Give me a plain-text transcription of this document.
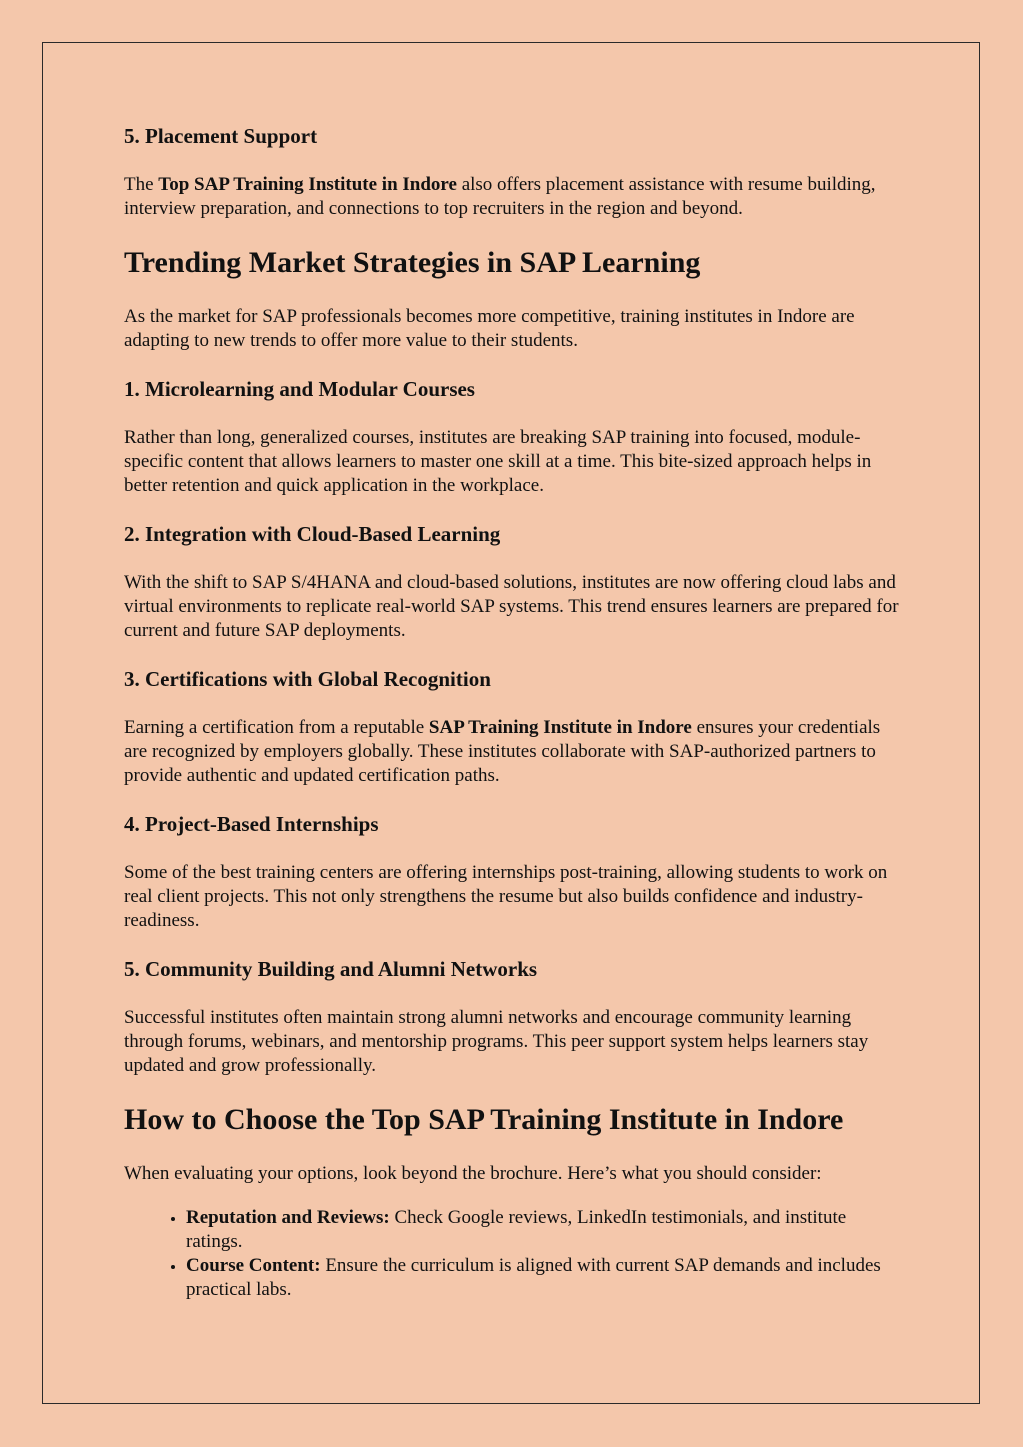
5. Placement Support

The Top SAP Training Institute in Indore also offers placement assistance with resume building, interview preparation, and connections to top recruiters in the region and beyond.

Trending Market Strategies in SAP Learning

As the market for SAP professionals becomes more competitive, training institutes in Indore are adapting to new trends to offer more value to their students.

1. Microlearning and Modular Courses

Rather than long, generalized courses, institutes are breaking SAP training into focused, module-specific content that allows learners to master one skill at a time. This bite-sized approach helps in better retention and quick application in the workplace.

2. Integration with Cloud-Based Learning

With the shift to SAP S/4HANA and cloud-based solutions, institutes are now offering cloud labs and virtual environments to replicate real-world SAP systems. This trend ensures learners are prepared for current and future SAP deployments.

3. Certifications with Global Recognition

Earning a certification from a reputable SAP Training Institute in Indore ensures your credentials are recognized by employers globally. These institutes collaborate with SAP-authorized partners to provide authentic and updated certification paths.

4. Project-Based Internships

Some of the best training centers are offering internships post-training, allowing students to work on real client projects. This not only strengthens the resume but also builds confidence and industry-readiness.

5. Community Building and Alumni Networks

Successful institutes often maintain strong alumni networks and encourage community learning through forums, webinars, and mentorship programs. This peer support system helps learners stay updated and grow professionally.

How to Choose the Top SAP Training Institute in Indore

When evaluating your options, look beyond the brochure. Here’s what you should consider:

• Reputation and Reviews: Check Google reviews, LinkedIn testimonials, and institute ratings.
• Course Content: Ensure the curriculum is aligned with current SAP demands and includes practical labs.
